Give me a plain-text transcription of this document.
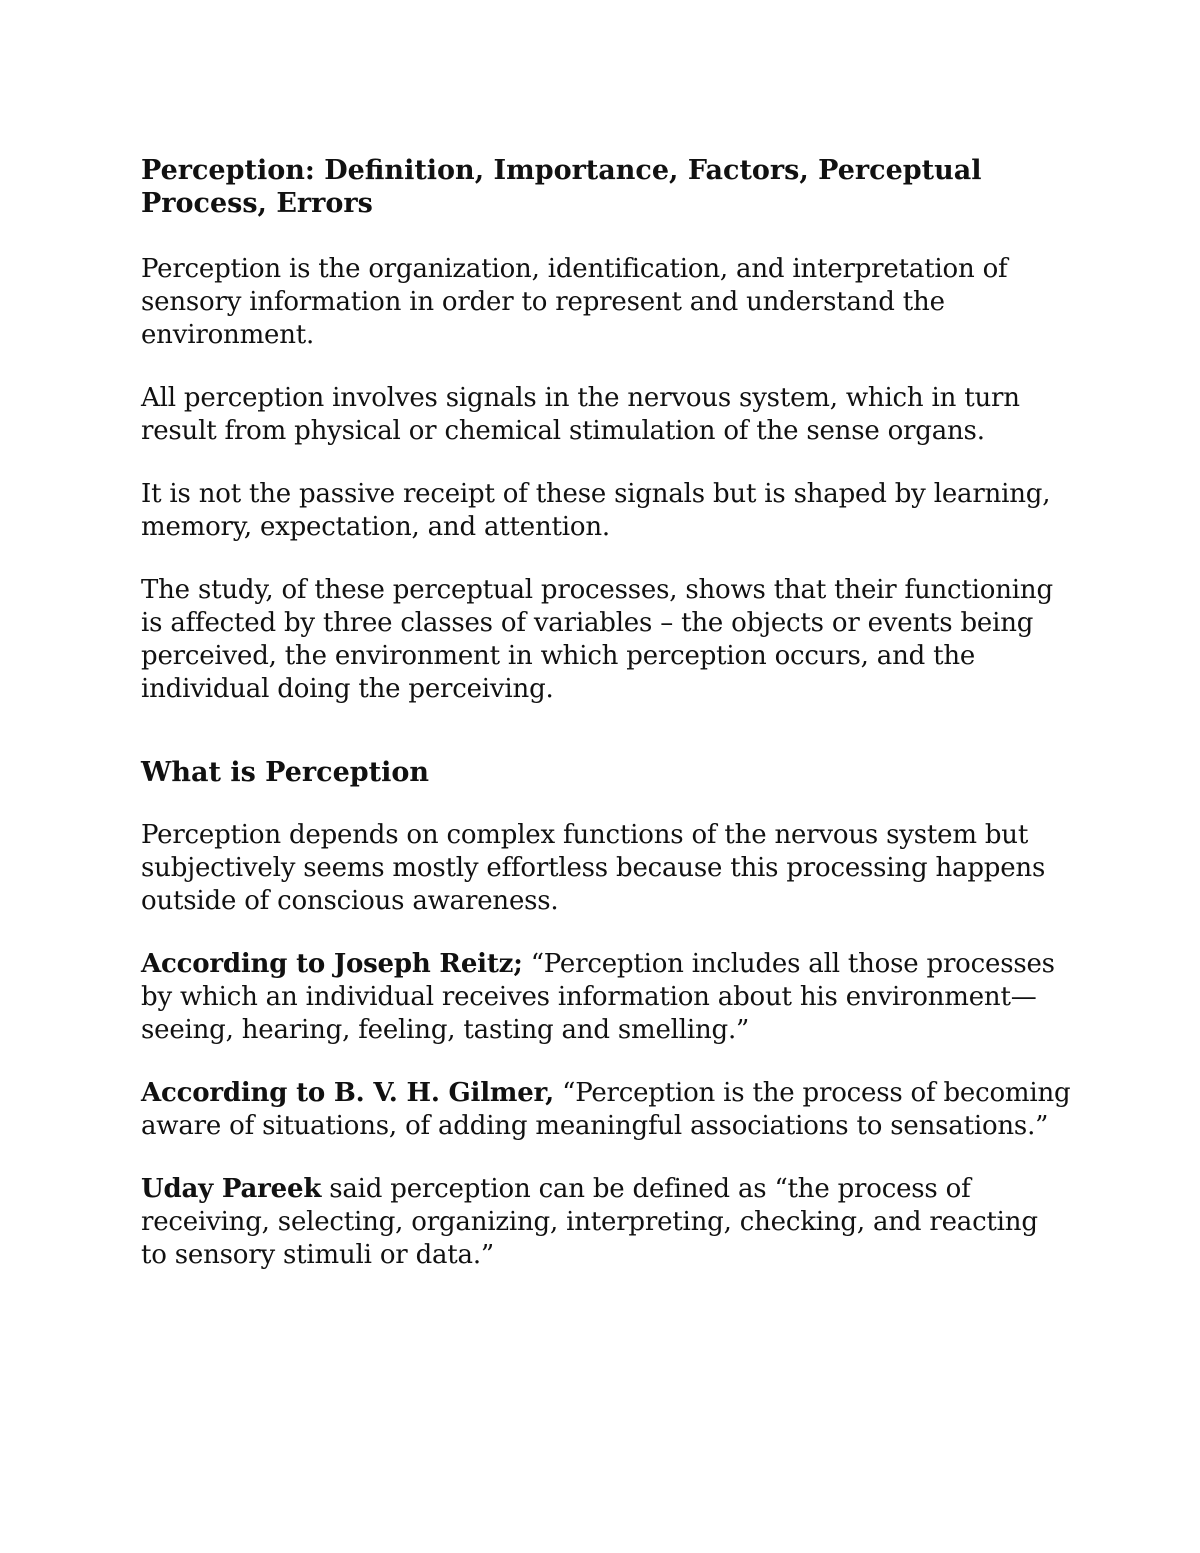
Perception: Definition, Importance, Factors, Perceptual Process, Errors

Perception is the organization, identification, and interpretation of sensory information in order to represent and understand the environment.

All perception involves signals in the nervous system, which in turn result from physical or chemical stimulation of the sense organs.

It is not the passive receipt of these signals but is shaped by learning, memory, expectation, and attention.

The study, of these perceptual processes, shows that their functioning is affected by three classes of variables – the objects or events being perceived, the environment in which perception occurs, and the individual doing the perceiving.

What is Perception

Perception depends on complex functions of the nervous system but subjectively seems mostly effortless because this processing happens outside of conscious awareness.

According to Joseph Reitz; “Perception includes all those processes by which an individual receives information about his environment—seeing, hearing, feeling, tasting and smelling.”

According to B. V. H. Gilmer, “Perception is the process of becoming aware of situations, of adding meaningful associations to sensations.”

Uday Pareek said perception can be defined as “the process of receiving, selecting, organizing, interpreting, checking, and reacting to sensory stimuli or data.”
